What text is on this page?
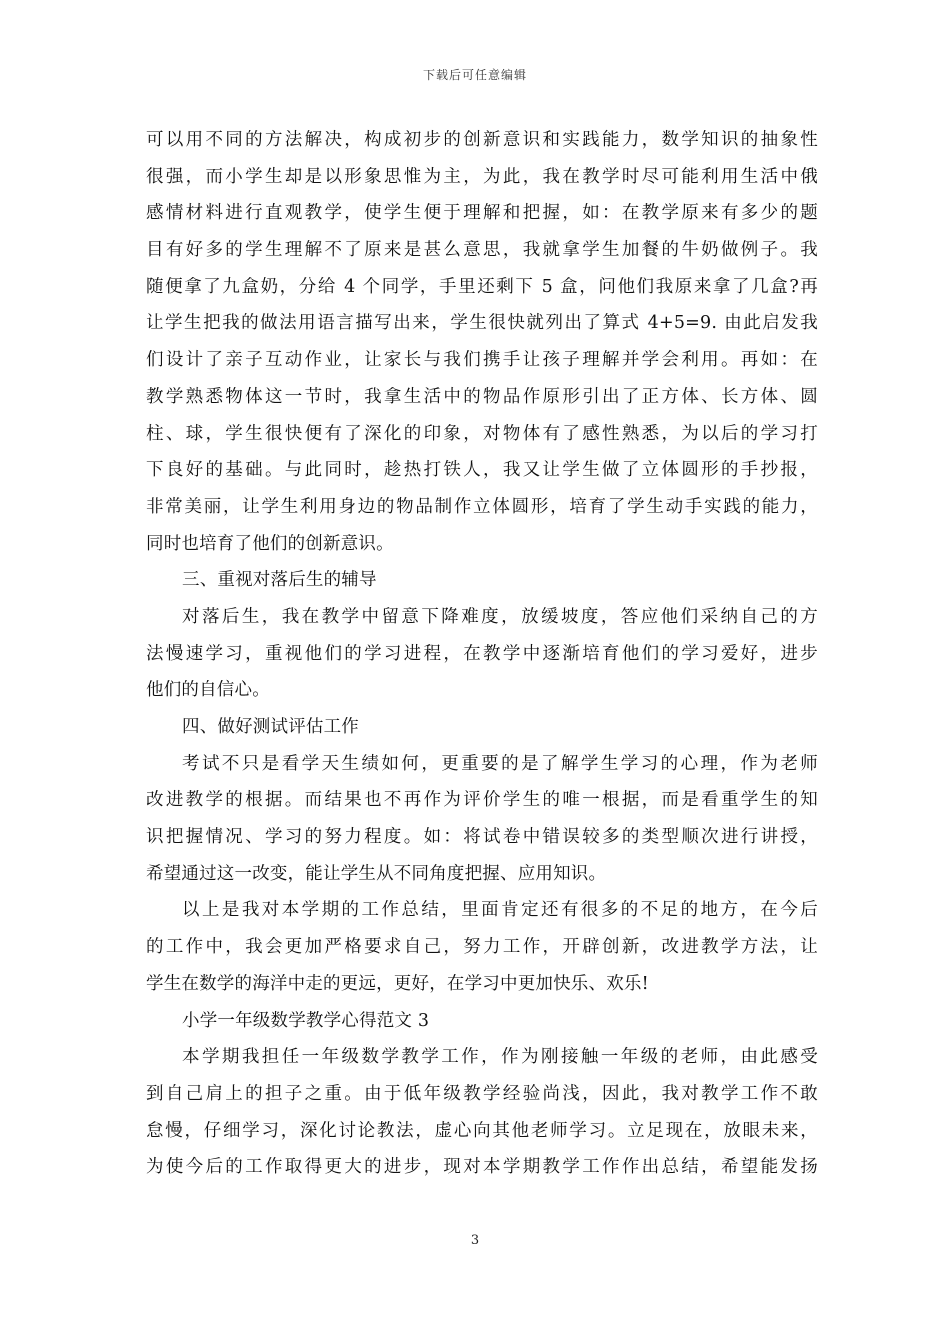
下载后可任意编辑
可以用不同的方法解决，构成初步的创新意识和实践能力，数学知识的抽象性
很强，而小学生却是以形象思惟为主，为此，我在教学时尽可能利用生活中俄
感情材料进行直观教学，使学生便于理解和把握，如：在教学原来有多少的题
目有好多的学生理解不了原来是甚么意思，我就拿学生加餐的牛奶做例子。我
随便拿了九盒奶，分给 4 个同学，手里还剩下 5 盒，问他们我原来拿了几盒?再
让学生把我的做法用语言描写出来，学生很快就列出了算式 4+5=9. 由此启发我
们设计了亲子互动作业，让家长与我们携手让孩子理解并学会利用。再如：在
教学熟悉物体这一节时，我拿生活中的物品作原形引出了正方体、长方体、圆
柱、球，学生很快便有了深化的印象，对物体有了感性熟悉，为以后的学习打
下良好的基础。与此同时，趁热打铁人，我又让学生做了立体圆形的手抄报，
非常美丽，让学生利用身边的物品制作立体圆形，培育了学生动手实践的能力，
同时也培育了他们的创新意识。
三、重视对落后生的辅导
对落后生，我在教学中留意下降难度，放缓坡度，答应他们采纳自己的方
法慢速学习，重视他们的学习进程，在教学中逐渐培育他们的学习爱好，进步
他们的自信心。
四、做好测试评估工作
考试不只是看学天生绩如何，更重要的是了解学生学习的心理，作为老师
改进教学的根据。而结果也不再作为评价学生的唯一根据，而是看重学生的知
识把握情况、学习的努力程度。如：将试卷中错误较多的类型顺次进行讲授，
希望通过这一改变，能让学生从不同角度把握、应用知识。
以上是我对本学期的工作总结，里面肯定还有很多的不足的地方，在今后
的工作中，我会更加严格要求自己，努力工作，开辟创新，改进教学方法，让
学生在数学的海洋中走的更远，更好，在学习中更加快乐、欢乐!
小学一年级数学教学心得范文 3
本学期我担任一年级数学教学工作，作为刚接触一年级的老师，由此感受
到自己肩上的担子之重。由于低年级教学经验尚浅，因此，我对教学工作不敢
怠慢，仔细学习，深化讨论教法，虚心向其他老师学习。立足现在，放眼未来，
为使今后的工作取得更大的进步，现对本学期教学工作作出总结，希望能发扬
3
